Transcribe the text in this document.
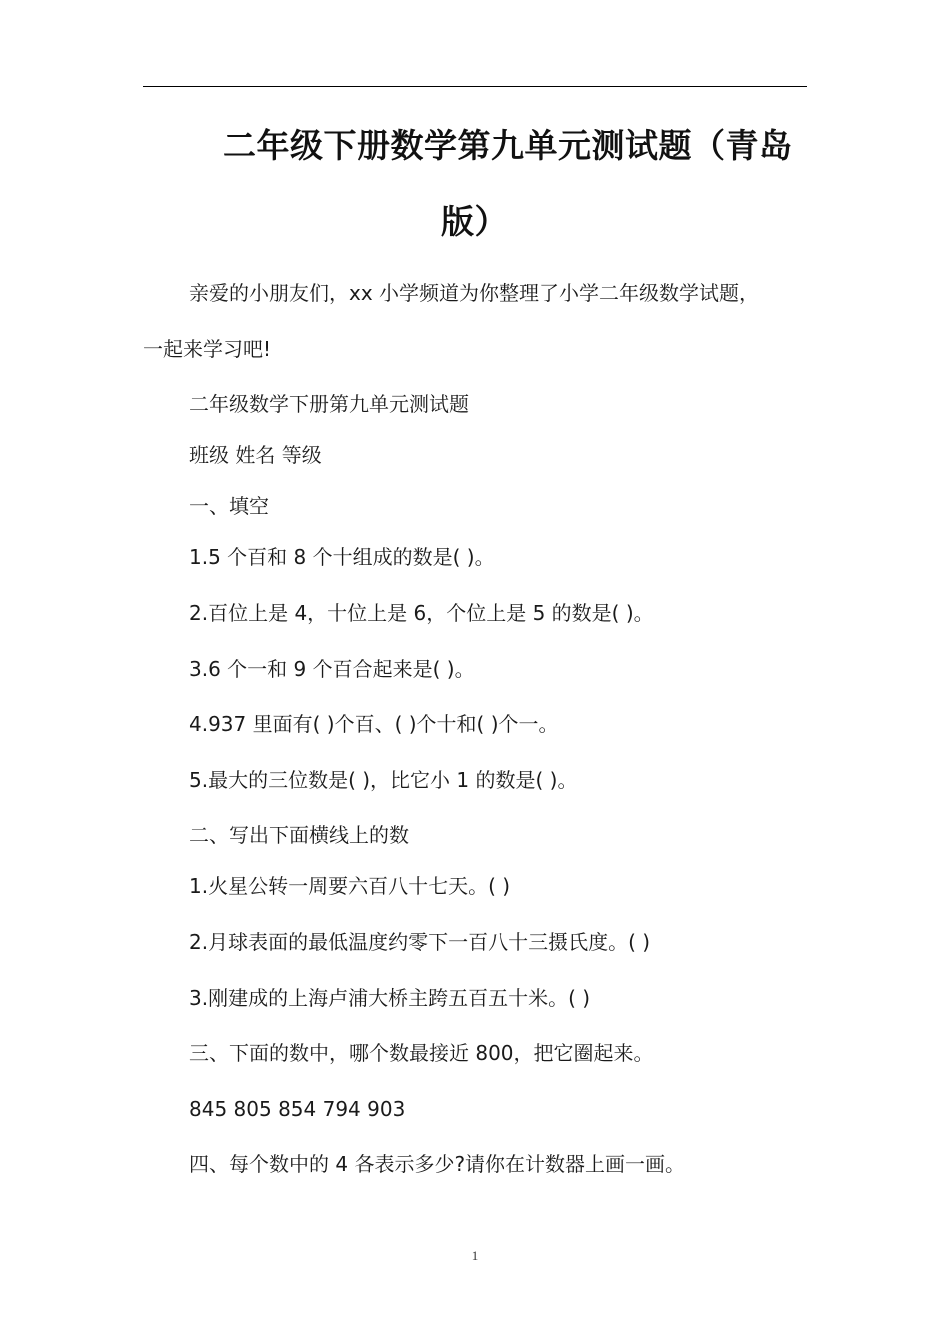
二年级下册数学第九单元测试题（青岛
版）
亲爱的小朋友们，xx 小学频道为你整理了小学二年级数学试题，
一起来学习吧!
二年级数学下册第九单元测试题
班级 姓名 等级
一、填空
1.5 个百和 8 个十组成的数是( )。
2.百位上是 4，十位上是 6，个位上是 5 的数是( )。
3.6 个一和 9 个百合起来是( )。
4.937 里面有( )个百、( )个十和( )个一。
5.最大的三位数是( )，比它小 1 的数是( )。
二、写出下面横线上的数
1.火星公转一周要六百八十七天。( )
2.月球表面的最低温度约零下一百八十三摄氏度。( )
3.刚建成的上海卢浦大桥主跨五百五十米。( )
三、下面的数中，哪个数最接近 800，把它圈起来。
845 805 854 794 903
四、每个数中的 4 各表示多少?请你在计数器上画一画。
1
